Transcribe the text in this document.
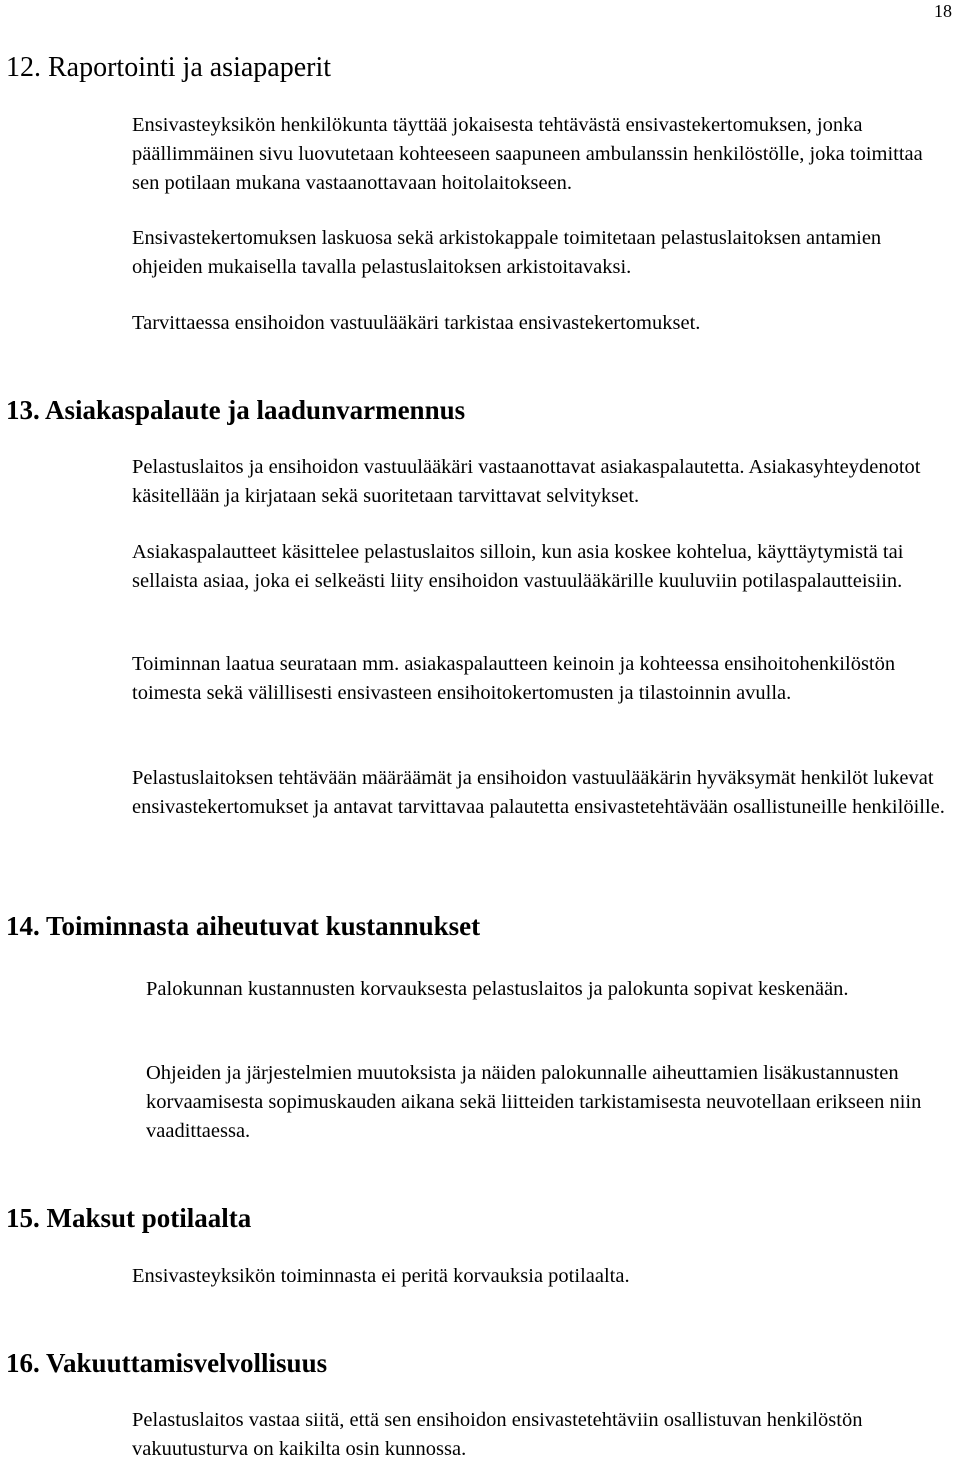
18
12. Raportointi ja asiapaperit

Ensivasteyksikön henkilökunta täyttää jokaisesta tehtävästä ensivastekertomuksen, jonka päällimmäinen sivu luovutetaan kohteeseen saapuneen ambulanssin henkilöstölle, joka toimittaa sen potilaan mukana vastaanottavaan hoitolaitokseen.

Ensivastekertomuksen laskuosa sekä arkistokappale toimitetaan pelastuslaitoksen antamien ohjeiden mukaisella tavalla pelastuslaitoksen arkistoitavaksi.

Tarvittaessa ensihoidon vastuulääkäri tarkistaa ensivastekertomukset.

13. Asiakaspalaute ja laadunvarmennus

Pelastuslaitos ja ensihoidon vastuulääkäri vastaanottavat asiakaspalautetta. Asiakasyhteydenotot käsitellään ja kirjataan sekä suoritetaan tarvittavat selvitykset.

Asiakaspalautteet käsittelee pelastuslaitos silloin, kun asia koskee kohtelua, käyttäytymistä tai sellaista asiaa, joka ei selkeästi liity ensihoidon vastuulääkärille kuuluviin potilaspalautteisiin.

Toiminnan laatua seurataan mm. asiakaspalautteen keinoin ja kohteessa ensihoitohenkilöstön toimesta sekä välillisesti ensivasteen ensihoitokertomusten ja tilastoinnin avulla.

Pelastuslaitoksen tehtävään määräämät ja ensihoidon vastuulääkärin hyväksymät henkilöt lukevat ensivastekertomukset ja antavat tarvittavaa palautetta ensivastetehtävään osallistuneille henkilöille.

14. Toiminnasta aiheutuvat kustannukset

Palokunnan kustannusten korvauksesta pelastuslaitos ja palokunta sopivat keskenään.

Ohjeiden ja järjestelmien muutoksista ja näiden palokunnalle aiheuttamien lisäkustannusten korvaamisesta sopimuskauden aikana sekä liitteiden tarkistamisesta neuvotellaan erikseen niin vaadittaessa.

15. Maksut potilaalta

Ensivasteyksikön toiminnasta ei peritä korvauksia potilaalta.

16. Vakuuttamisvelvollisuus

Pelastuslaitos vastaa siitä, että sen ensihoidon ensivastetehtäviin osallistuvan henkilöstön vakuutusturva on kaikilta osin kunnossa.
